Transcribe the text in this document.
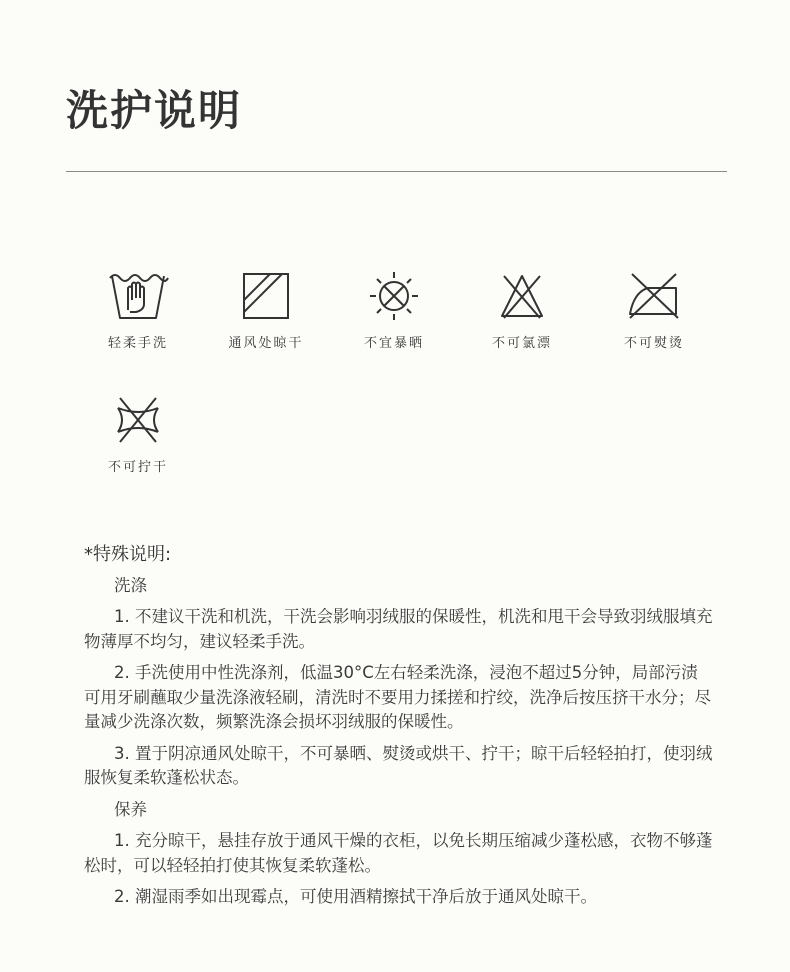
洗护说明
轻柔手洗	通风处晾干	不宜暴晒	不可氯漂	不可熨烫
不可拧干

*特殊说明:

洗涤

1. 不建议干洗和机洗，干洗会影响羽绒服的保暖性，机洗和甩干会导致羽绒服填充物薄厚不均匀，建议轻柔手洗。

2. 手洗使用中性洗涤剂，低温30°C左右轻柔洗涤，浸泡不超过5分钟，局部污渍可用牙刷蘸取少量洗涤液轻刷，清洗时不要用力揉搓和拧绞，洗净后按压挤干水分；尽量减少洗涤次数，频繁洗涤会损坏羽绒服的保暖性。

3. 置于阴凉通风处晾干，不可暴晒、熨烫或烘干、拧干；晾干后轻轻拍打，使羽绒服恢复柔软蓬松状态。

保养

1. 充分晾干，悬挂存放于通风干燥的衣柜，以免长期压缩减少蓬松感，衣物不够蓬松时，可以轻轻拍打使其恢复柔软蓬松。

2. 潮湿雨季如出现霉点，可使用酒精擦拭干净后放于通风处晾干。
